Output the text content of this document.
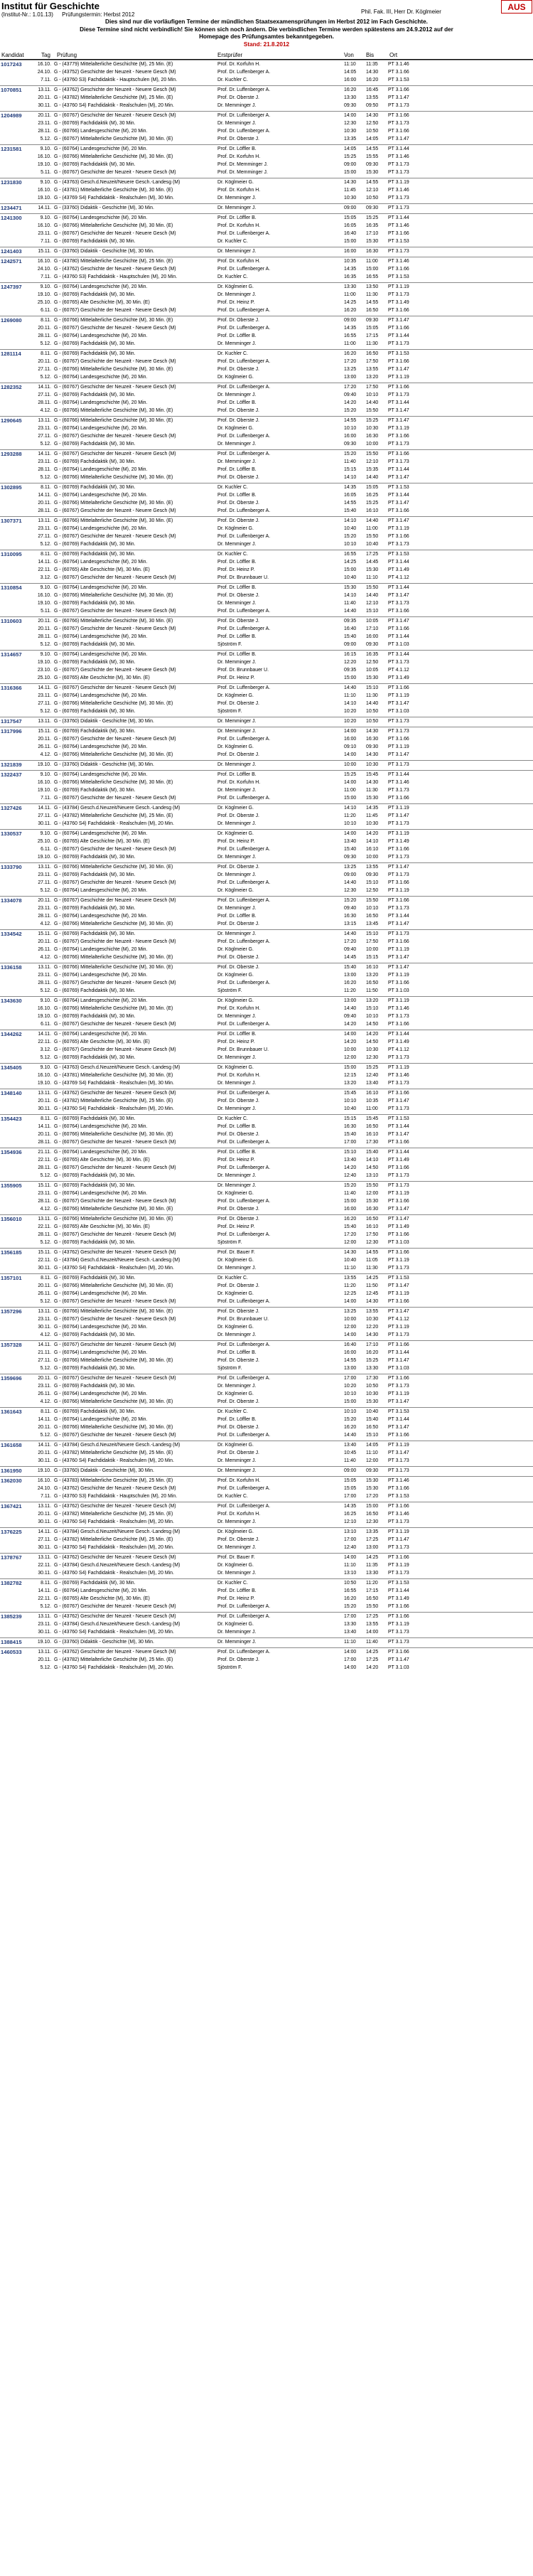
Institut für Geschichte
(Institut-Nr.: 1.01.13) Prüfungstermin: Herbst 2012	Phil. Fak. III, Herr Dr. Köglmeier	AUS
Dies sind nur die vorläufigen Termine der mündlichen Staatsexamensprüfungen im Herbst 2012 im Fach Geschichte.
Diese Termine sind nicht verbindlich! Sie können sich noch ändern. Die verbindlichen Termine werden spätestens am 24.9.2012 auf der
Homepage des Prüfungsamtes bekanntgegeben.
Stand: 21.8.2012
Kandidat	Tag Prüfung	Erstprüfer	Von Bis	Ort
1017243	16.10. G - (43779) Mittelalterliche Geschichte (M), 25 Min. (E)	Prof. Dr. Korfuhn H.	11:10	11:35	PT 3.1.46
24.10. G - (43752) Geschichte der Neuzeit - Neuere Gesch (M)	Prof. Dr. Luffenberger A.	14:05	14:30	PT 3.1.66
7.11. G - (43760 S3) Fachdidaktik - Hauptschulen (M), 20 Min.	Dr. Kuchler C.	16:00	16:20	PT 3.1.53
1070851	13.11. G - (43762) Geschichte der Neuzeit - Neuere Gesch (M)	Prof. Dr. Luffenberger A.	16:20	16:45	PT 3.1.66
20.11. G - (43782) Mittelalterliche Geschichte (M), 25 Min. (E)	Prof. Dr. Oberste J.	13:30	13:55	PT 3.1.47
30.11. G - (43760 S4) Fachdidaktik - Realschulen (M), 20 Min.	Dr. Memminger J.	09:30	09:50	PT 3.1.73
1204989	20.11. G - (60767) Geschichte der Neuzeit - Neuere Gesch (M)	Prof. Dr. Luffenberger A.	14:00	14:30	PT 3.1.66
23.11. G - (60769) Fachdidaktik (M), 30 Min.	Dr. Memminger J.	12:30	12:50	PT 3.1.73
28.11. G - (60766) Landesgeschichte (M), 20 Min.	Prof. Dr. Luffenberger A.	10:30	10:50	PT 3.1.66
5.12. G - (60767) Mittelalterliche Geschichte (M), 30 Min. (E)	Prof. Dr. Oberste J.	13:35	14:05	PT 3.1.47
1231581	9.10. G - (60764) Landesgeschichte (M), 20 Min.	Prof. Dr. Löffler B.	14:05	14:55	PT 3.1.44
16.10. G - (60766) Mittelalterliche Geschichte (M), 30 Min. (E)	Prof. Dr. Korfuhn H.	15:25	15:55	PT 3.1.46
19.10. G - (60769) Fachdidaktik (M), 30 Min.	Prof. Dr. Memminger J.	09:00	09:30	PT 3.1.73
5.11. G - (60767) Geschichte der Neuzeit - Neuere Gesch (M)	Prof. Dr. Memminger J.	15:00	15:30	PT 3.1.73
1231830	9.10. G - (43763) Gesch.d.Neuzeit/Neuere Gesch.-Landesg (M)	Dr. Köglmeier G.	14:30	14:55	PT 3.1.19
16.10. G - (43781) Mittelalterliche Geschichte (M), 30 Min. (E)	Prof. Dr. Korfuhn H.	11:45	12:10	PT 3.1.46
19.10. G - (43769 S4) Fachdidaktik - Realschulen (M), 30 Min.	Dr. Memminger J.	10:30	10:50	PT 3.1.73
1234471	14.11. G - (33760) Didaktik - Geschichte (M), 30 Min.	Dr. Memminger J.	09:00	09:30	PT 3.1.73
1241300	9.10. G - (60764) Landesgeschichte (M), 20 Min.	Prof. Dr. Löffler B.	15:05	15:25	PT 3.1.44
16.10. G - (60766) Mittelalterliche Geschichte (M), 30 Min. (E)	Prof. Dr. Korfuhn H.	16:05	16:35	PT 3.1.46
23.11. G - (60767) Geschichte der Neuzeit - Neuere Gesch (M)	Prof. Dr. Luffenberger A.	16:40	17:10	PT 3.1.66
7.11. G - (60769) Fachdidaktik (M), 30 Min.	Dr. Kuchler C.	15:00	15:30	PT 3.1.53
1241403	15.11. G - (33760) Didaktik - Geschichte (M), 30 Min.	Dr. Memminger J.	16:00	16:30	PT 3.1.73
1242571	16.10. G - (43780) Mittelalterliche Geschichte (M), 25 Min. (E)	Prof. Dr. Korfuhn H.	10:35	11:00	PT 3.1.46
24.10. G - (43762) Geschichte der Neuzeit - Neuere Gesch (M)	Prof. Dr. Luffenberger A.	14:35	15:00	PT 3.1.66
7.11. G - (43760 S3) Fachdidaktik - Hauptschulen (M), 20 Min.	Dr. Kuchler C.	16:35	16:55	PT 3.1.53
1247397	9.10. G - (60764) Landesgeschichte (M), 20 Min.	Dr. Köglmeier G.	13:30	13:50	PT 3.1.19
19.10. G - (60769) Fachdidaktik (M), 30 Min.	Dr. Memminger J.	11:00	11:30	PT 3.1.73
25.10. G - (60765) Alte Geschichte (M), 30 Min. (E)	Prof. Dr. Heinz P.	14:25	14:55	PT 3.1.49
6.11. G - (60767) Geschichte der Neuzeit - Neuere Gesch (M)	Prof. Dr. Luffenberger A.	16:20	16:50	PT 3.1.66
1269080	8.11. G - (60766) Mittelalterliche Geschichte (M), 30 Min. (E)	Prof. Dr. Oberste J.	09:00	09:30	PT 3.1.47
20.11. G - (60767) Geschichte der Neuzeit - Neuere Gesch (M)	Prof. Dr. Luffenberger A.	14:35	15:05	PT 3.1.66
28.11. G - (60764) Landesgeschichte (M), 20 Min.	Prof. Dr. Löffler B.	16:55	17:15	PT 3.1.44
5.12. G - (60769) Fachdidaktik (M), 30 Min.	Dr. Memminger J.	11:00	11:30	PT 3.1.73
1281114	8.11. G - (60769) Fachdidaktik (M), 30 Min.	Dr. Kuchler C.	16:20	16:50	PT 3.1.53
20.11. G - (60767) Geschichte der Neuzeit - Neuere Gesch (M)	Prof. Dr. Luffenberger A.	17:20	17:50	PT 3.1.66
27.11. G - (60766) Mittelalterliche Geschichte (M), 30 Min. (E)	Prof. Dr. Oberste J.	13:25	13:55	PT 3.1.47
5.12. G - (60764) Landesgeschichte (M), 20 Min.	Dr. Köglmeier G.	13:00	13:20	PT 3.1.19
1282352	14.11. G - (60767) Geschichte der Neuzeit - Neuere Gesch (M)	Prof. Dr. Luffenberger A.	17:20	17:50	PT 3.1.66
27.11. G - (60769) Fachdidaktik (M), 30 Min.	Dr. Memminger J.	09:40	10:10	PT 3.1.73
28.11. G - (60764) Landesgeschichte (M), 20 Min.	Prof. Dr. Löffler B.	14:20	14:40	PT 3.1.44
4.12. G - (60766) Mittelalterliche Geschichte (M), 30 Min. (E)	Prof. Dr. Oberste J.	15:20	15:50	PT 3.1.47
1290645	13.11. G - (60766) Mittelalterliche Geschichte (M), 30 Min. (E)	Prof. Dr. Oberste J.	14:55	15:25	PT 3.1.47
23.11. G - (60764) Landesgeschichte (M), 20 Min.	Dr. Köglmeier G.	10:10	10:30	PT 3.1.19
27.11. G - (60767) Geschichte der Neuzeit - Neuere Gesch (M)	Prof. Dr. Luffenberger A.	16:00	16:30	PT 3.1.66
5.12. G - (60769) Fachdidaktik (M), 30 Min.	Dr. Memminger J.	09:30	10:00	PT 3.1.73
1293288	14.11. G - (60767) Geschichte der Neuzeit - Neuere Gesch (M)	Prof. Dr. Luffenberger A.	15:20	15:50	PT 3.1.66
23.11. G - (60769) Fachdidaktik (M), 30 Min.	Dr. Memminger J.	11:40	12:10	PT 3.1.73
28.11. G - (60764) Landesgeschichte (M), 20 Min.	Prof. Dr. Löffler B.	15:15	15:35	PT 3.1.44
5.12. G - (60766) Mittelalterliche Geschichte (M), 30 Min. (E)	Prof. Dr. Oberste J.	14:10	14:40	PT 3.1.47
1302895	8.11. G - (60769) Fachdidaktik (M), 30 Min.	Dr. Kuchler C.	14:35	15:05	PT 3.1.53
14.11. G - (60764) Landesgeschichte (M), 20 Min.	Prof. Dr. Löffler B.	16:05	16:25	PT 3.1.44
20.11. G - (60766) Mittelalterliche Geschichte (M), 30 Min. (E)	Prof. Dr. Oberste J.	14:55	15:25	PT 3.1.47
28.11. G - (60767) Geschichte der Neuzeit - Neuere Gesch (M)	Prof. Dr. Luffenberger A.	15:40	16:10	PT 3.1.66
1307371	13.11. G - (60766) Mittelalterliche Geschichte (M), 30 Min. (E)	Prof. Dr. Oberste J.	14:10	14:40	PT 3.1.47
23.11. G - (60764) Landesgeschichte (M), 20 Min.	Dr. Köglmeier G.	10:40	11:00	PT 3.1.19
27.11. G - (60767) Geschichte der Neuzeit - Neuere Gesch (M)	Prof. Dr. Luffenberger A.	15:20	15:50	PT 3.1.66
5.12. G - (60769) Fachdidaktik (M), 30 Min.	Dr. Memminger J.	10:10	10:40	PT 3.1.73
1310095	8.11. G - (60769) Fachdidaktik (M), 30 Min.	Dr. Kuchler C.	16:55	17:25	PT 3.1.53
14.11. G - (60764) Landesgeschichte (M), 20 Min.	Prof. Dr. Löffler B.	14:25	14:45	PT 3.1.44
22.11. G - (60765) Alte Geschichte (M), 30 Min. (E)	Prof. Dr. Heinz P.	15:00	15:30	PT 3.1.49
3.12. G - (60767) Geschichte der Neuzeit - Neuere Gesch (M)	Prof. Dr. Brunnbauer U.	10:40	11:10	PT 4.1.12
1310854	9.10. G - (60764) Landesgeschichte (M), 20 Min.	Prof. Dr. Löffler B.	15:30	15:50	PT 3.1.44
16.10. G - (60766) Mittelalterliche Geschichte (M), 30 Min. (E)	Prof. Dr. Oberste J.	14:10	14:40	PT 3.1.47
19.10. G - (60769) Fachdidaktik (M), 30 Min.	Dr. Memminger J.	11:40	12:10	PT 3.1.73
5.11. G - (60767) Geschichte der Neuzeit - Neuere Gesch (M)	Prof. Dr. Luffenberger A.	14:40	15:10	PT 3.1.66
1310603	20.11. G - (60766) Mittelalterliche Geschichte (M), 30 Min. (E)	Prof. Dr. Oberste J.	09:35	10:05	PT 3.1.47
20.11. G - (60767) Geschichte der Neuzeit - Neuere Gesch (M)	Prof. Dr. Luffenberger A.	16:40	17:10	PT 3.1.66
28.11. G - (60764) Landesgeschichte (M), 20 Min.	Prof. Dr. Löffler B.	15:40	16:00	PT 3.1.44
5.12. G - (60769) Fachdidaktik (M), 30 Min.	Sjöström F.	09:00	09:30	PT 3.1.03
1314657	9.10. G - (60764) Landesgeschichte (M), 20 Min.	Prof. Dr. Löffler B.	16:15	16:35	PT 3.1.44
19.10. G - (60769) Fachdidaktik (M), 30 Min.	Dr. Memminger J.	12:20	12:50	PT 3.1.73
23.10. G - (60767) Geschichte der Neuzeit - Neuere Gesch (M)	Prof. Dr. Brunnbauer U.	09:35	10:05	PT 4.1.12
25.10. G - (60765) Alte Geschichte (M), 30 Min. (E)	Prof. Dr. Heinz P.	15:00	15:30	PT 3.1.49
1316366	14.11. G - (60767) Geschichte der Neuzeit - Neuere Gesch (M)	Prof. Dr. Luffenberger A.	14:40	15:10	PT 3.1.66
23.11. G - (60764) Landesgeschichte (M), 20 Min.	Dr. Köglmeier G.	11:10	11:30	PT 3.1.19
27.11. G - (60766) Mittelalterliche Geschichte (M), 30 Min. (E)	Prof. Dr. Oberste J.	14:10	14:40	PT 3.1.47
5.12. G - (60769) Fachdidaktik (M), 30 Min.	Sjöström F.	10:20	10:50	PT 3.1.03
1317547	13.11. G - (33760) Didaktik - Geschichte (M), 30 Min.	Dr. Memminger J.	10:20	10:50	PT 3.1.73
1317996	15.11. G - (60769) Fachdidaktik (M), 30 Min.	Dr. Memminger J.	14:00	14:30	PT 3.1.73
20.11. G - (60767) Geschichte der Neuzeit - Neuere Gesch (M)	Prof. Dr. Luffenberger A.	16:00	16:30	PT 3.1.66
26.11. G - (60764) Landesgeschichte (M), 20 Min.	Dr. Köglmeier G.	09:10	09:30	PT 3.1.19
4.12. G - (60766) Mittelalterliche Geschichte (M), 30 Min. (E)	Prof. Dr. Oberste J.	14:00	14:30	PT 3.1.47
1321839	19.10. G - (33760) Didaktik - Geschichte (M), 30 Min.	Dr. Memminger J.	10:00	10:30	PT 3.1.73
1322437	9.10. G - (60764) Landesgeschichte (M), 20 Min.	Prof. Dr. Löffler B.	15:25	15:45	PT 3.1.44
16.10. G - (60766) Mittelalterliche Geschichte (M), 30 Min. (E)	Prof. Dr. Korfuhn H.	14:00	14:30	PT 3.1.46
19.10. G - (60769) Fachdidaktik (M), 30 Min.	Dr. Memminger J.	11:00	11:30	PT 3.1.73
7.11. G - (60767) Geschichte der Neuzeit - Neuere Gesch (M)	Prof. Dr. Luffenberger A.	15:00	15:30	PT 3.1.66
1327426	14.11. G - (43784) Gesch.d.Neuzeit/Neuere Gesch.-Landesg (M)	Dr. Köglmeier G.	14:10	14:35	PT 3.1.19
27.11. G - (43782) Mittelalterliche Geschichte (M), 25 Min. (E)	Prof. Dr. Oberste J.	11:20	11:45	PT 3.1.47
30.11. G - (43760 S4) Fachdidaktik - Realschulen (M), 20 Min.	Dr. Memminger J.	10:10	10:30	PT 3.1.73
1330537	9.10. G - (60764) Landesgeschichte (M), 20 Min.	Dr. Köglmeier G.	14:00	14:20	PT 3.1.19
25.10. G - (60765) Alte Geschichte (M), 30 Min. (E)	Prof. Dr. Heinz P.	13:40	14:10	PT 3.1.49
6.11. G - (60767) Geschichte der Neuzeit - Neuere Gesch (M)	Prof. Dr. Luffenberger A.	15:40	16:10	PT 3.1.66
19.10. G - (60769) Fachdidaktik (M), 30 Min.	Dr. Memminger J.	09:30	10:00	PT 3.1.73
1333790	13.11. G - (60766) Mittelalterliche Geschichte (M), 30 Min. (E)	Prof. Dr. Oberste J.	13:25	13:55	PT 3.1.47
23.11. G - (60769) Fachdidaktik (M), 30 Min.	Dr. Memminger J.	09:00	09:30	PT 3.1.73
27.11. G - (60767) Geschichte der Neuzeit - Neuere Gesch (M)	Prof. Dr. Luffenberger A.	14:40	15:10	PT 3.1.66
5.12. G - (60764) Landesgeschichte (M), 20 Min.	Dr. Köglmeier G.	12:30	12:50	PT 3.1.19
1334078	20.11. G - (60767) Geschichte der Neuzeit - Neuere Gesch (M)	Prof. Dr. Luffenberger A.	15:20	15:50	PT 3.1.66
23.11. G - (60769) Fachdidaktik (M), 30 Min.	Dr. Memminger J.	09:40	10:10	PT 3.1.73
28.11. G - (60764) Landesgeschichte (M), 20 Min.	Prof. Dr. Löffler B.	16:30	16:50	PT 3.1.44
4.12. G - (60766) Mittelalterliche Geschichte (M), 30 Min. (E)	Prof. Dr. Oberste J.	13:15	13:45	PT 3.1.47
1334542	15.11. G - (60769) Fachdidaktik (M), 30 Min.	Dr. Memminger J.	14:40	15:10	PT 3.1.73
20.11. G - (60767) Geschichte der Neuzeit - Neuere Gesch (M)	Prof. Dr. Luffenberger A.	17:20	17:50	PT 3.1.66
26.11. G - (60764) Landesgeschichte (M), 20 Min.	Dr. Köglmeier G.	09:40	10:00	PT 3.1.19
4.12. G - (60766) Mittelalterliche Geschichte (M), 30 Min. (E)	Prof. Dr. Oberste J.	14:45	15:15	PT 3.1.47
1336158	13.11. G - (60766) Mittelalterliche Geschichte (M), 30 Min. (E)	Prof. Dr. Oberste J.	15:40	16:10	PT 3.1.47
23.11. G - (60764) Landesgeschichte (M), 20 Min.	Dr. Köglmeier G.	13:00	13:20	PT 3.1.19
28.11. G - (60767) Geschichte der Neuzeit - Neuere Gesch (M)	Prof. Dr. Luffenberger A.	16:20	16:50	PT 3.1.66
5.12. G - (60769) Fachdidaktik (M), 30 Min.	Sjöström F.	11:20	11:50	PT 3.1.03
1343630	9.10. G - (60764) Landesgeschichte (M), 20 Min.	Dr. Köglmeier G.	13:00	13:20	PT 3.1.19
16.10. G - (60766) Mittelalterliche Geschichte (M), 30 Min. (E)	Prof. Dr. Korfuhn H.	14:40	15:10	PT 3.1.46
19.10. G - (60769) Fachdidaktik (M), 30 Min.	Dr. Memminger J.	09:40	10:10	PT 3.1.73
6.11. G - (60767) Geschichte der Neuzeit - Neuere Gesch (M)	Prof. Dr. Luffenberger A.	14:20	14:50	PT 3.1.66
1344262	14.11. G - (60764) Landesgeschichte (M), 20 Min.	Prof. Dr. Löffler B.	14:00	14:20	PT 3.1.44
22.11. G - (60765) Alte Geschichte (M), 30 Min. (E)	Prof. Dr. Heinz P.	14:20	14:50	PT 3.1.49
3.12. G - (60767) Geschichte der Neuzeit - Neuere Gesch (M)	Prof. Dr. Brunnbauer U.	10:00	10:30	PT 4.1.12
5.12. G - (60769) Fachdidaktik (M), 30 Min.	Dr. Memminger J.	12:00	12:30	PT 3.1.73
1345405	9.10. G - (43763) Gesch.d.Neuzeit/Neuere Gesch.-Landesg (M)	Dr. Köglmeier G.	15:00	15:25	PT 3.1.19
16.10. G - (43781) Mittelalterliche Geschichte (M), 30 Min. (E)	Prof. Dr. Korfuhn H.	12:15	12:40	PT 3.1.46
19.10. G - (43769 S4) Fachdidaktik - Realschulen (M), 30 Min.	Dr. Memminger J.	13:20	13:40	PT 3.1.73
1348140	13.11. G - (43762) Geschichte der Neuzeit - Neuere Gesch (M)	Prof. Dr. Luffenberger A.	15:45	16:10	PT 3.1.66
20.11. G - (43782) Mittelalterliche Geschichte (M), 25 Min. (E)	Prof. Dr. Oberste J.	10:10	10:35	PT 3.1.47
30.11. G - (43760 S4) Fachdidaktik - Realschulen (M), 20 Min.	Dr. Memminger J.	10:40	11:00	PT 3.1.73
1354423	8.11. G - (60769) Fachdidaktik (M), 30 Min.	Dr. Kuchler C.	15:15	15:45	PT 3.1.53
14.11. G - (60764) Landesgeschichte (M), 20 Min.	Prof. Dr. Löffler B.	16:30	16:50	PT 3.1.44
20.11. G - (60766) Mittelalterliche Geschichte (M), 30 Min. (E)	Prof. Dr. Oberste J.	15:40	16:10	PT 3.1.47
28.11. G - (60767) Geschichte der Neuzeit - Neuere Gesch (M)	Prof. Dr. Luffenberger A.	17:00	17:30	PT 3.1.66
1354936	21.11. G - (60764) Landesgeschichte (M), 20 Min.	Prof. Dr. Löffler B.	15:10	15:40	PT 3.1.44
22.11. G - (60765) Alte Geschichte (M), 30 Min. (E)	Prof. Dr. Heinz P.	13:40	14:10	PT 3.1.49
28.11. G - (60767) Geschichte der Neuzeit - Neuere Gesch (M)	Prof. Dr. Luffenberger A.	14:20	14:50	PT 3.1.66
5.12. G - (60769) Fachdidaktik (M), 30 Min.	Dr. Memminger J.	12:40	13:10	PT 3.1.73
1355905	15.11. G - (60769) Fachdidaktik (M), 30 Min.	Dr. Memminger J.	15:20	15:50	PT 3.1.73
23.11. G - (60764) Landesgeschichte (M), 20 Min.	Dr. Köglmeier G.	11:40	12:00	PT 3.1.19
28.11. G - (60767) Geschichte der Neuzeit - Neuere Gesch (M)	Prof. Dr. Luffenberger A.	15:00	15:30	PT 3.1.66
4.12. G - (60766) Mittelalterliche Geschichte (M), 30 Min. (E)	Prof. Dr. Oberste J.	16:00	16:30	PT 3.1.47
1356010	13.11. G - (60766) Mittelalterliche Geschichte (M), 30 Min. (E)	Prof. Dr. Oberste J.	16:20	16:50	PT 3.1.47
22.11. G - (60765) Alte Geschichte (M), 30 Min. (E)	Prof. Dr. Heinz P.	15:40	16:10	PT 3.1.49
28.11. G - (60767) Geschichte der Neuzeit - Neuere Gesch (M)	Prof. Dr. Luffenberger A.	17:20	17:50	PT 3.1.66
5.12. G - (60769) Fachdidaktik (M), 30 Min.	Sjöström F.	12:00	12:30	PT 3.1.03
1356185	15.11. G - (43762) Geschichte der Neuzeit - Neuere Gesch (M)	Prof. Dr. Bauer F.	14:30	14:55	PT 3.1.66
22.11. G - (43784) Gesch.d.Neuzeit/Neuere Gesch.-Landesg (M)	Dr. Köglmeier G.	10:40	11:05	PT 3.1.19
30.11. G - (43760 S4) Fachdidaktik - Realschulen (M), 20 Min.	Dr. Memminger J.	11:10	11:30	PT 3.1.73
1357101	8.11. G - (60769) Fachdidaktik (M), 30 Min.	Dr. Kuchler C.	13:55	14:25	PT 3.1.53
20.11. G - (60766) Mittelalterliche Geschichte (M), 30 Min. (E)	Prof. Dr. Oberste J.	11:20	11:50	PT 3.1.47
26.11. G - (60764) Landesgeschichte (M), 20 Min.	Dr. Köglmeier G.	12:25	12:45	PT 3.1.19
5.12. G - (60767) Geschichte der Neuzeit - Neuere Gesch (M)	Prof. Dr. Luffenberger A.	14:00	14:30	PT 3.1.66
1357296	13.11. G - (60766) Mittelalterliche Geschichte (M), 30 Min. (E)	Prof. Dr. Oberste J.	13:25	13:55	PT 3.1.47
23.11. G - (60767) Geschichte der Neuzeit - Neuere Gesch (M)	Prof. Dr. Brunnbauer U.	10:00	10:30	PT 4.1.12
30.11. G - (60764) Landesgeschichte (M), 20 Min.	Dr. Köglmeier G.	12:00	12:20	PT 3.1.19
4.12. G - (60769) Fachdidaktik (M), 30 Min.	Dr. Memminger J.	14:00	14:30	PT 3.1.73
1357328	14.11. G - (60767) Geschichte der Neuzeit - Neuere Gesch (M)	Prof. Dr. Luffenberger A.	16:40	17:10	PT 3.1.66
21.11. G - (60764) Landesgeschichte (M), 20 Min.	Prof. Dr. Löffler B.	16:00	16:20	PT 3.1.44
27.11. G - (60766) Mittelalterliche Geschichte (M), 30 Min. (E)	Prof. Dr. Oberste J.	14:55	15:25	PT 3.1.47
5.12. G - (60769) Fachdidaktik (M), 30 Min.	Sjöström F.	13:00	13:30	PT 3.1.03
1359696	20.11. G - (60767) Geschichte der Neuzeit - Neuere Gesch (M)	Prof. Dr. Luffenberger A.	17:00	17:30	PT 3.1.66
23.11. G - (60769) Fachdidaktik (M), 30 Min.	Dr. Memminger J.	10:20	10:50	PT 3.1.73
26.11. G - (60764) Landesgeschichte (M), 20 Min.	Dr. Köglmeier G.	10:10	10:30	PT 3.1.19
4.12. G - (60766) Mittelalterliche Geschichte (M), 30 Min. (E)	Prof. Dr. Oberste J.	15:00	15:30	PT 3.1.47
1361643	8.11. G - (60769) Fachdidaktik (M), 30 Min.	Dr. Kuchler C.	10:10	10:40	PT 3.1.53
14.11. G - (60764) Landesgeschichte (M), 20 Min.	Prof. Dr. Löffler B.	15:20	15:40	PT 3.1.44
20.11. G - (60766) Mittelalterliche Geschichte (M), 30 Min. (E)	Prof. Dr. Oberste J.	16:20	16:50	PT 3.1.47
5.12. G - (60767) Geschichte der Neuzeit - Neuere Gesch (M)	Prof. Dr. Luffenberger A.	14:40	15:10	PT 3.1.66
1361658	14.11. G - (43784) Gesch.d.Neuzeit/Neuere Gesch.-Landesg (M)	Dr. Köglmeier G.	13:40	14:05	PT 3.1.19
20.11. G - (43782) Mittelalterliche Geschichte (M), 25 Min. (E)	Prof. Dr. Oberste J.	10:45	11:10	PT 3.1.47
30.11. G - (43760 S4) Fachdidaktik - Realschulen (M), 20 Min.	Dr. Memminger J.	11:40	12:00	PT 3.1.73
1361950	19.10. G - (33760) Didaktik - Geschichte (M), 30 Min.	Dr. Memminger J.	09:00	09:30	PT 3.1.73
1362030	16.10. G - (43783) Mittelalterliche Geschichte (M), 25 Min. (E)	Prof. Dr. Korfuhn H.	15:05	15:30	PT 3.1.46
24.10. G - (43762) Geschichte der Neuzeit - Neuere Gesch (M)	Prof. Dr. Luffenberger A.	15:05	15:30	PT 3.1.66
7.11. G - (43760 S3) Fachdidaktik - Hauptschulen (M), 20 Min.	Dr. Kuchler C.	17:00	17:20	PT 3.1.53
1367421	13.11. G - (43762) Geschichte der Neuzeit - Neuere Gesch (M)	Prof. Dr. Luffenberger A.	14:35	15:00	PT 3.1.66
20.11. G - (43782) Mittelalterliche Geschichte (M), 25 Min. (E)	Prof. Dr. Korfuhn H.	16:25	16:50	PT 3.1.46
30.11. G - (43760 S4) Fachdidaktik - Realschulen (M), 20 Min.	Dr. Memminger J.	12:10	12:30	PT 3.1.73
1376225	14.11. G - (43784) Gesch.d.Neuzeit/Neuere Gesch.-Landesg (M)	Dr. Köglmeier G.	13:10	13:35	PT 3.1.19
27.11. G - (43782) Mittelalterliche Geschichte (M), 25 Min. (E)	Prof. Dr. Oberste J.	17:00	17:25	PT 3.1.47
30.11. G - (43760 S4) Fachdidaktik - Realschulen (M), 20 Min.	Dr. Memminger J.	12:40	13:00	PT 3.1.73
1378767	13.11. G - (43762) Geschichte der Neuzeit - Neuere Gesch (M)	Prof. Dr. Bauer F.	14:00	14:25	PT 3.1.66
22.11. G - (43784) Gesch.d.Neuzeit/Neuere Gesch.-Landesg (M)	Dr. Köglmeier G.	11:10	11:35	PT 3.1.19
30.11. G - (43760 S4) Fachdidaktik - Realschulen (M), 20 Min.	Dr. Memminger J.	13:10	13:30	PT 3.1.73
1382782	8.11. G - (60769) Fachdidaktik (M), 30 Min.	Dr. Kuchler C.	10:50	11:20	PT 3.1.53
14.11. G - (60764) Landesgeschichte (M), 20 Min.	Prof. Dr. Löffler B.	16:55	17:15	PT 3.1.44
22.11. G - (60765) Alte Geschichte (M), 30 Min. (E)	Prof. Dr. Heinz P.	16:20	16:50	PT 3.1.49
5.12. G - (60767) Geschichte der Neuzeit - Neuere Gesch (M)	Prof. Dr. Luffenberger A.	15:20	15:50	PT 3.1.66
1385239	13.11. G - (43762) Geschichte der Neuzeit - Neuere Gesch (M)	Prof. Dr. Luffenberger A.	17:00	17:25	PT 3.1.66
23.11. G - (43784) Gesch.d.Neuzeit/Neuere Gesch.-Landesg (M)	Dr. Köglmeier G.	13:30	13:55	PT 3.1.19
30.11. G - (43760 S4) Fachdidaktik - Realschulen (M), 20 Min.	Dr. Memminger J.	13:40	14:00	PT 3.1.73
1388415	19.10. G - (33760) Didaktik - Geschichte (M), 30 Min.	Dr. Memminger J.	11:10	11:40	PT 3.1.73
1460533	13.11. G - (43762) Geschichte der Neuzeit - Neuere Gesch (M)	Prof. Dr. Luffenberger A.	14:00	14:25	PT 3.1.66
20.11. G - (43782) Mittelalterliche Geschichte (M), 25 Min. (E)	Prof. Dr. Oberste J.	17:00	17:25	PT 3.1.47
5.12. G - (43760 S4) Fachdidaktik - Realschulen (M), 20 Min.	Sjöström F.	14:00	14:20	PT 3.1.03
